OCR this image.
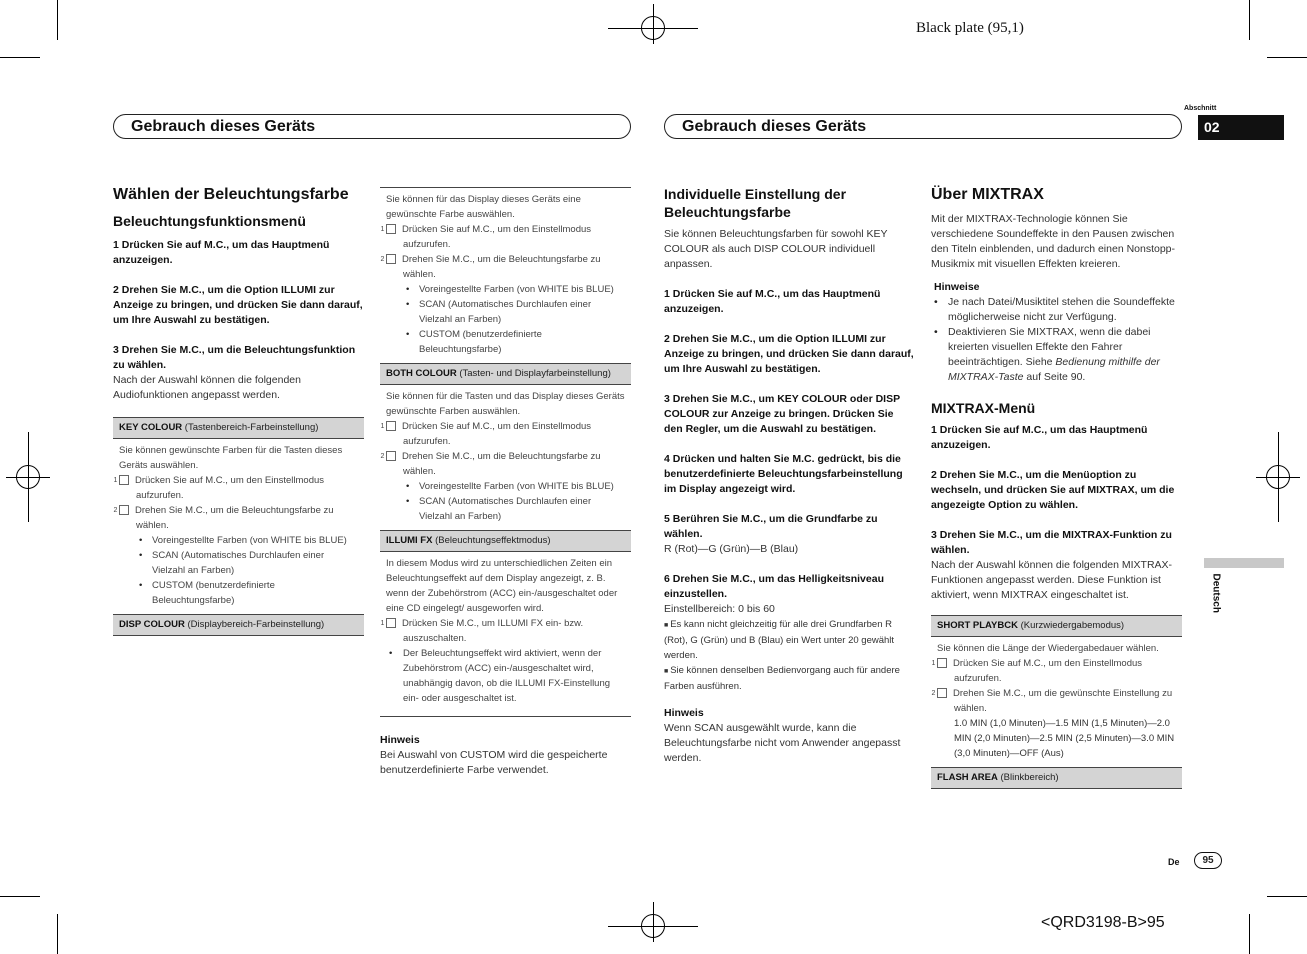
Black plate (95,1)
<QRD3198-B>95
Abschnitt
02
Deutsch
De	95
Gebrauch dieses Geräts	Gebrauch dieses Geräts
Wählen der Beleuchtungsfarbe
Beleuchtungsfunktionsmenü
1 Drücken Sie auf M.C., um das Hauptmenü anzuzeigen.
2 Drehen Sie M.C., um die Option ILLUMI zur Anzeige zu bringen, und drücken Sie dann darauf, um Ihre Auswahl zu bestätigen.
3 Drehen Sie M.C., um die Beleuchtungsfunktion zu wählen.
Nach der Auswahl können die folgenden Audiofunktionen angepasst werden.
KEY COLOUR (Tastenbereich-Farbeinstellung)
Sie können gewünschte Farben für die Tasten dieses Geräts auswählen.
1 Drücken Sie auf M.C., um den Einstellmodus aufzurufen.
2 Drehen Sie M.C., um die Beleuchtungsfarbe zu wählen.
• Voreingestellte Farben (von WHITE bis BLUE)
• SCAN (Automatisches Durchlaufen einer Vielzahl an Farben)
• CUSTOM (benutzerdefinierte Beleuchtungsfarbe)
DISP COLOUR (Displaybereich-Farbeinstellung)
Sie können für das Display dieses Geräts eine gewünschte Farbe auswählen.
1 Drücken Sie auf M.C., um den Einstellmodus aufzurufen.
2 Drehen Sie M.C., um die Beleuchtungsfarbe zu wählen.
• Voreingestellte Farben (von WHITE bis BLUE)
• SCAN (Automatisches Durchlaufen einer Vielzahl an Farben)
• CUSTOM (benutzerdefinierte Beleuchtungsfarbe)
BOTH COLOUR (Tasten- und Displayfarbeinstellung)
Sie können für die Tasten und das Display dieses Geräts gewünschte Farben auswählen.
1 Drücken Sie auf M.C., um den Einstellmodus aufzurufen.
2 Drehen Sie M.C., um die Beleuchtungsfarbe zu wählen.
• Voreingestellte Farben (von WHITE bis BLUE)
• SCAN (Automatisches Durchlaufen einer Vielzahl an Farben)
ILLUMI FX (Beleuchtungseffektmodus)
In diesem Modus wird zu unterschiedlichen Zeiten ein Beleuchtungseffekt auf dem Display angezeigt, z. B. wenn der Zubehörstrom (ACC) ein-/ausgeschaltet oder eine CD eingelegt/ ausgeworfen wird.
1 Drücken Sie M.C., um ILLUMI FX ein- bzw. auszuschalten.
• Der Beleuchtungseffekt wird aktiviert, wenn der Zubehörstrom (ACC) ein-/ausgeschaltet wird, unabhängig davon, ob die ILLUMI FX-Einstellung ein- oder ausgeschaltet ist.
Hinweis
Bei Auswahl von CUSTOM wird die gespeicherte benutzerdefinierte Farbe verwendet.
Individuelle Einstellung der Beleuchtungsfarbe
Sie können Beleuchtungsfarben für sowohl KEY COLOUR als auch DISP COLOUR individuell anpassen.
1 Drücken Sie auf M.C., um das Hauptmenü anzuzeigen.
2 Drehen Sie M.C., um die Option ILLUMI zur Anzeige zu bringen, und drücken Sie dann darauf, um Ihre Auswahl zu bestätigen.
3 Drehen Sie M.C., um KEY COLOUR oder DISP COLOUR zur Anzeige zu bringen. Drücken Sie den Regler, um die Auswahl zu bestätigen.
4 Drücken und halten Sie M.C. gedrückt, bis die benutzerdefinierte Beleuchtungsfarbeinstellung im Display angezeigt wird.
5 Berühren Sie M.C., um die Grundfarbe zu wählen.
R (Rot)—G (Grün)—B (Blau)
6 Drehen Sie M.C., um das Helligkeitsniveau einzustellen.
Einstellbereich: 0 bis 60
■ Es kann nicht gleichzeitig für alle drei Grundfarben R (Rot), G (Grün) und B (Blau) ein Wert unter 20 gewählt werden.
■ Sie können denselben Bedienvorgang auch für andere Farben ausführen.
Hinweis
Wenn SCAN ausgewählt wurde, kann die Beleuchtungsfarbe nicht vom Anwender angepasst werden.
Über MIXTRAX
Mit der MIXTRAX-Technologie können Sie verschiedene Soundeffekte in den Pausen zwischen den Titeln einblenden, und dadurch einen Nonstopp-Musikmix mit visuellen Effekten kreieren.
Hinweise
• Je nach Datei/Musiktitel stehen die Soundeffekte möglicherweise nicht zur Verfügung.
• Deaktivieren Sie MIXTRAX, wenn die dabei kreierten visuellen Effekte den Fahrer beeinträchtigen. Siehe Bedienung mithilfe der MIXTRAX-Taste auf Seite 90.
MIXTRAX-Menü
1 Drücken Sie auf M.C., um das Hauptmenü anzuzeigen.
2 Drehen Sie M.C., um die Menüoption zu wechseln, und drücken Sie auf MIXTRAX, um die angezeigte Option zu wählen.
3 Drehen Sie M.C., um die MIXTRAX-Funktion zu wählen.
Nach der Auswahl können die folgenden MIXTRAX-Funktionen angepasst werden. Diese Funktion ist aktiviert, wenn MIXTRAX eingeschaltet ist.
SHORT PLAYBCK (Kurzwiedergabemodus)
Sie können die Länge der Wiedergabedauer wählen.
1 Drücken Sie auf M.C., um den Einstellmodus aufzurufen.
2 Drehen Sie M.C., um die gewünschte Einstellung zu wählen.
1.0 MIN (1,0 Minuten)—1.5 MIN (1,5 Minuten)—2.0 MIN (2,0 Minuten)—2.5 MIN (2,5 Minuten)—3.0 MIN (3,0 Minuten)—OFF (Aus)
FLASH AREA (Blinkbereich)
